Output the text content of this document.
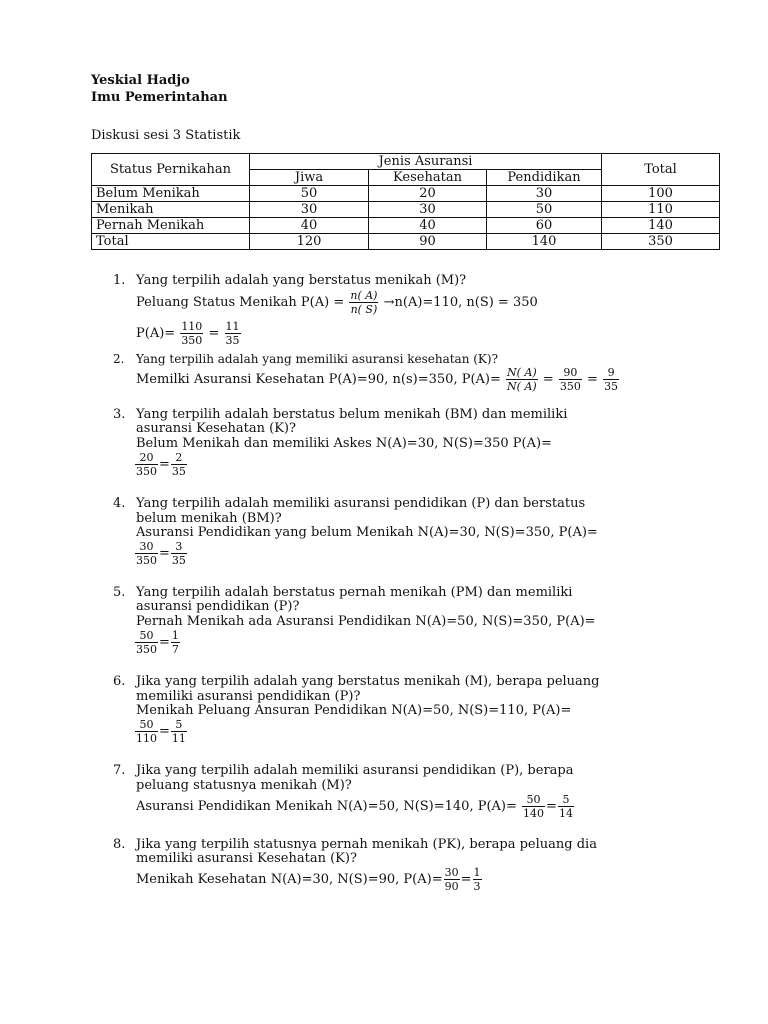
Yeskial Hadjo
Imu Pemerintahan
Diskusi sesi 3 Statistik
Status Pernikahan	Jenis Asuransi			Total
	Jiwa	Kesehatan	Pendidikan	
Belum Menikah	50	20	30	100
Menikah	30	30	50	110
Pernah Menikah	40	40	60	140
Total	120	90	140	350
1. Yang terpilih adalah yang berstatus menikah (M)?
Peluang Status Menikah $P(A) = \frac{n( A)}{n( S)} \to n(A)=110$, n(S) = 350
$P(A)= \frac{110}{350} = \frac{11}{35}$
2. Yang terpilih adalah yang memiliki asuransi kesehatan (K)?
Memilki Asuransi Kesehatan P(A)=90, n(s)=350, $P(A)= \frac{N( A)}{N( A)} = \frac{90}{350} = \frac{9}{35}$
3. Yang terpilih adalah berstatus belum menikah (BM) dan memiliki
asuransi Kesehatan (K)?
Belum Menikah dan memiliki Askes N(A)=30, N(S)=350 P(A)=
$\frac{20}{350} = \frac{2}{35}$
4. Yang terpilih adalah memiliki asuransi pendidikan (P) dan berstatus
belum menikah (BM)?
Asuransi Pendidikan yang belum Menikah N(A)=30, N(S)=350, P(A)=
$\frac{30}{350} = \frac{3}{35}$
5. Yang terpilih adalah berstatus pernah menikah (PM) dan memiliki
asuransi pendidikan (P)?
Pernah Menikah ada Asuransi Pendidikan N(A)=50, N(S)=350, P(A)=
$\frac{50}{350} = \frac{1}{7}$
6. Jika yang terpilih adalah yang berstatus menikah (M), berapa peluang
memiliki asuransi pendidikan (P)?
Menikah Peluang Ansuran Pendidikan N(A)=50, N(S)=110, P(A)=
$\frac{50}{110} = \frac{5}{11}$
7. Jika yang terpilih adalah memiliki asuransi pendidikan (P), berapa
peluang statusnya menikah (M)?
Asuransi Pendidikan Menikah N(A)=50, N(S)=140, $P(A)= \frac{50}{140} = \frac{5}{14}$
8. Jika yang terpilih statusnya pernah menikah (PK), berapa peluang dia
memiliki asuransi Kesehatan (K)?
Menikah Kesehatan N(A)=30, N(S)=90, $P(A)= \frac{30}{90} = \frac{1}{3}$
